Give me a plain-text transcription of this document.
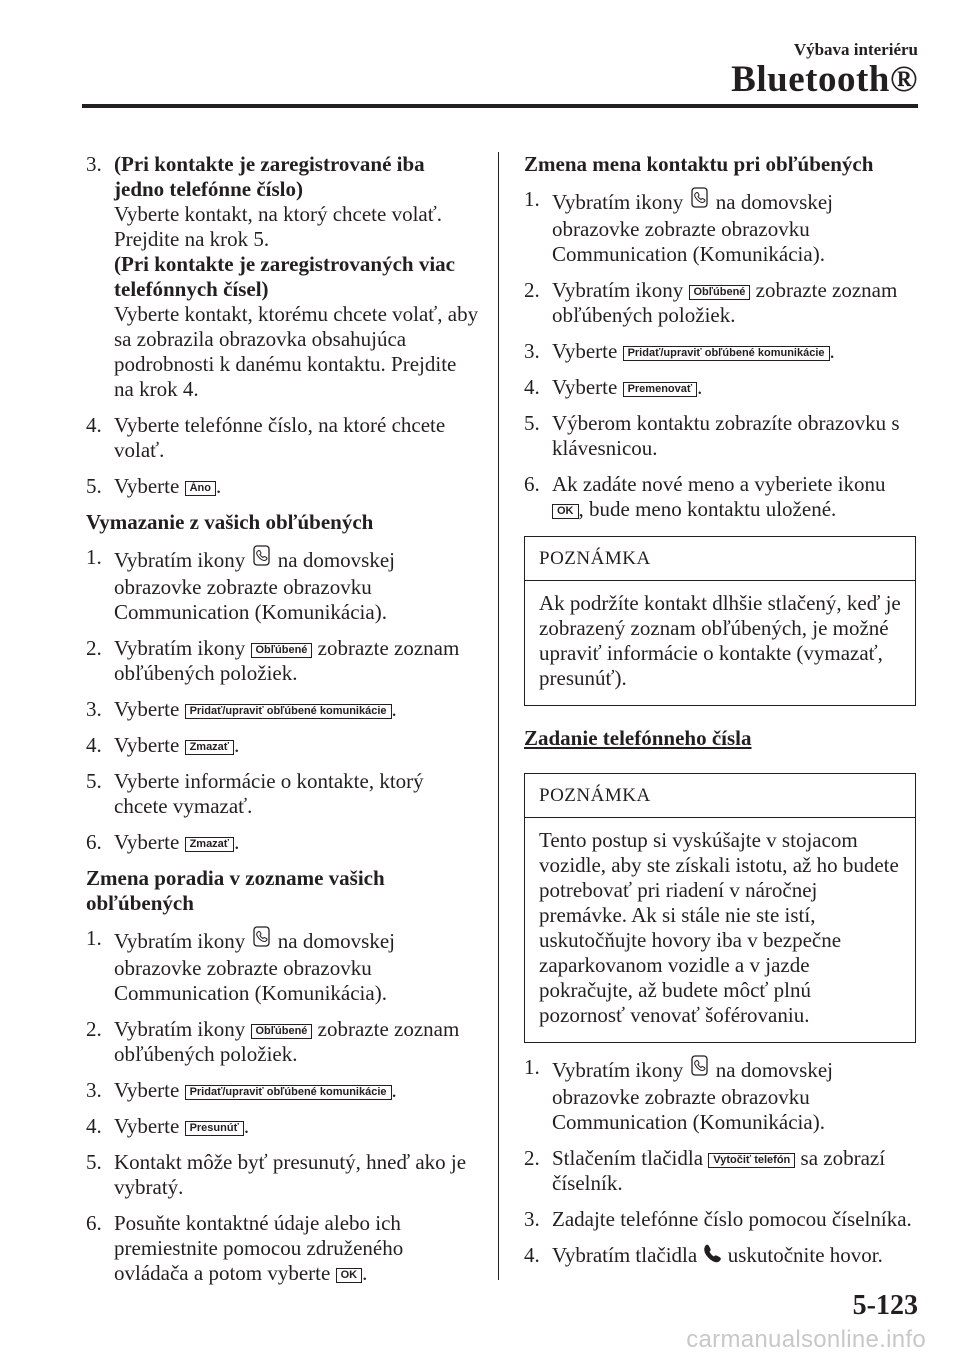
Výbava interiéru
Bluetooth®
3. (Pri kontakte je zaregistrované iba jedno telefónne číslo)
Vyberte kontakt, na ktorý chcete volať. Prejdite na krok 5.
(Pri kontakte je zaregistrovaných viac telefónnych čísel)
Vyberte kontakt, ktorému chcete volať, aby sa zobrazila obrazovka obsahujúca podrobnosti k danému kontaktu. Prejdite na krok 4.
4. Vyberte telefónne číslo, na ktoré chcete volať.
5. Vyberte Áno .
Vymazanie z vašich obľúbených
1. Vybratím ikony  na domovskej obrazovke zobrazte obrazovku Communication (Komunikácia).
2. Vybratím ikony Obľúbené zobrazte zoznam obľúbených položiek.
3. Vyberte Pridať/upraviť obľúbené komunikácie .
4. Vyberte Zmazať .
5. Vyberte informácie o kontakte, ktorý chcete vymazať.
6. Vyberte Zmazať .
Zmena poradia v zozname vašich obľúbených
1. Vybratím ikony  na domovskej obrazovke zobrazte obrazovku Communication (Komunikácia).
2. Vybratím ikony Obľúbené zobrazte zoznam obľúbených položiek.
3. Vyberte Pridať/upraviť obľúbené komunikácie .
4. Vyberte Presunúť .
5. Kontakt môže byť presunutý, hneď ako je vybratý.
6. Posuňte kontaktné údaje alebo ich premiestnite pomocou združeného ovládača a potom vyberte OK .
Zmena mena kontaktu pri obľúbených
1. Vybratím ikony  na domovskej obrazovke zobrazte obrazovku Communication (Komunikácia).
2. Vybratím ikony Obľúbené zobrazte zoznam obľúbených položiek.
3. Vyberte Pridať/upraviť obľúbené komunikácie .
4. Vyberte Premenovať .
5. Výberom kontaktu zobrazíte obrazovku s klávesnicou.
6. Ak zadáte nové meno a vyberiete ikonu OK , bude meno kontaktu uložené.
POZNÁMKA
Ak podržíte kontakt dlhšie stlačený, keď je zobrazený zoznam obľúbených, je možné upraviť informácie o kontakte (vymazať, presunúť).
Zadanie telefónneho čísla
POZNÁMKA
Tento postup si vyskúšajte v stojacom vozidle, aby ste získali istotu, až ho budete potrebovať pri riadení v náročnej premávke. Ak si stále nie ste istí, uskutočňujte hovory iba v bezpečne zaparkovanom vozidle a v jazde pokračujte, až budete môcť plnú pozornosť venovať šoférovaniu.
1. Vybratím ikony  na domovskej obrazovke zobrazte obrazovku Communication (Komunikácia).
2. Stlačením tlačidla Vytočiť telefón sa zobrazí číselník.
3. Zadajte telefónne číslo pomocou číselníka.
4. Vybratím tlačidla  uskutočnite hovor.
5-123
carmanualsonline.info
